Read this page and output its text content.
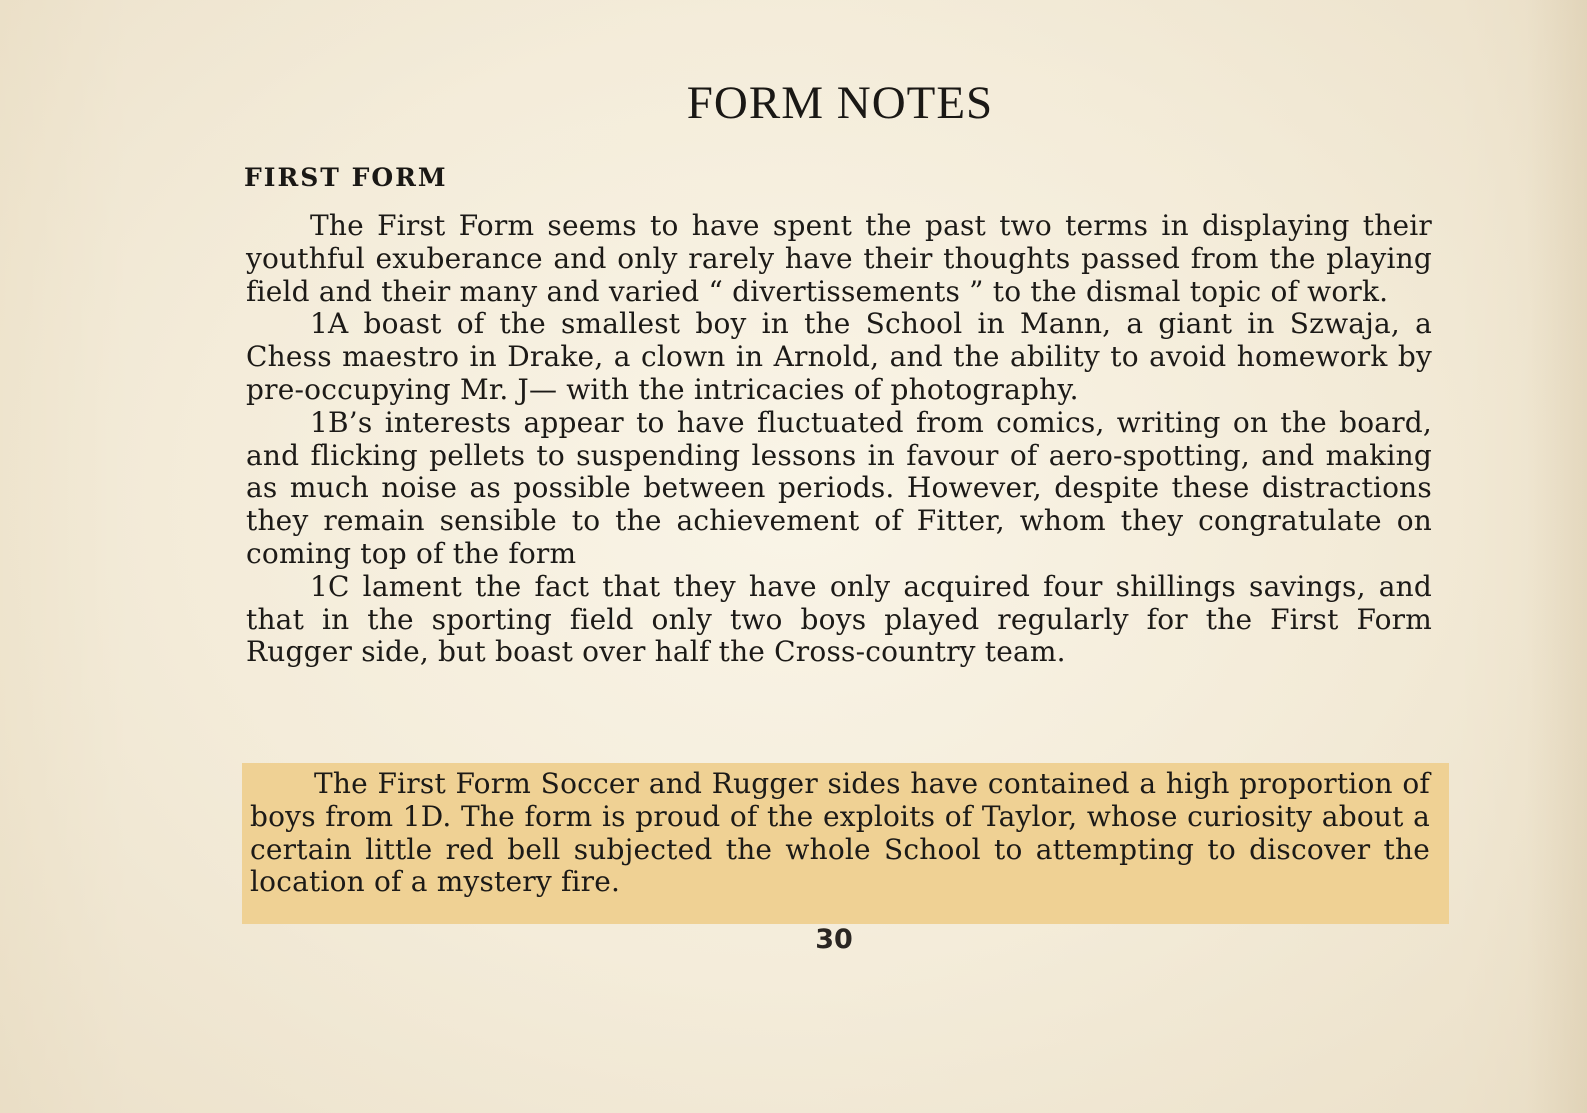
FORM NOTES
FIRST FORM

The First Form seems to have spent the past two terms in displaying their youthful exuberance and only rarely have their thoughts passed from the playing field and their many and varied “ divertissements ” to the dismal topic of work.

1A boast of the smallest boy in the School in Mann, a giant in Szwaja, a Chess maestro in Drake, a clown in Arnold, and the ability to avoid homework by pre-occupying Mr. J— with the intricacies of photography.

1B’s interests appear to have fluctuated from comics, writing on the board, and flicking pellets to suspending lessons in favour of aero-spotting, and making as much noise as possible between periods. However, despite these distractions they remain sensible to the achievement of Fitter, whom they congratulate on coming top of the form

1C lament the fact that they have only acquired four shillings savings, and that in the sporting field only two boys played regularly for the First Form Rugger side, but boast over half the Cross-country team.

The First Form Soccer and Rugger sides have contained a high proportion of boys from 1D. The form is proud of the exploits of Taylor, whose curiosity about a certain little red bell subjected the whole School to attempting to discover the location of a mystery fire.

30
